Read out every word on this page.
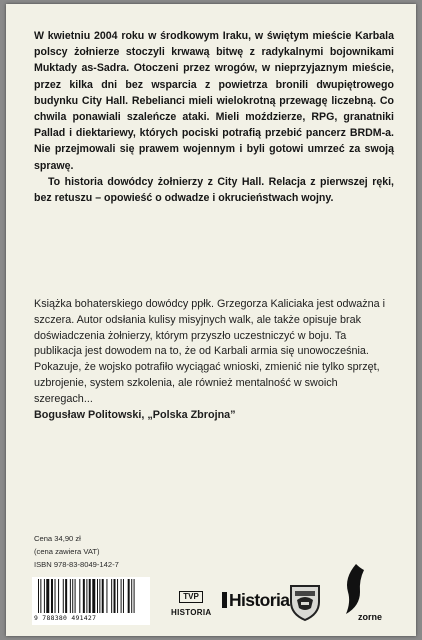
W kwietniu 2004 roku w środkowym Iraku, w świętym mieście Karbala polscy żołnierze stoczyli krwawą bitwę z radykalnymi bojownikami Muktady as-Sadra. Otoczeni przez wrogów, w nieprzyjaznym mieście, przez kilka dni bez wsparcia z powietrza bronili dwupiętrowego budynku City Hall. Rebelianci mieli wielokrotną przewagę liczebną. Co chwila ponawiali szaleńcze ataki. Mieli moździerze, RPG, granatniki Pallad i diektariewy, których pociski potrafią przebić pancerz BRDM-a. Nie przejmowali się prawem wojennym i byli gotowi umrzeć za swoją sprawę.

To historia dowódcy żołnierzy z City Hall. Relacja z pierwszej ręki, bez retuszu – opowieść o odwadze i okrucieństwach wojny.

Książka bohaterskiego dowódcy ppłk. Grzegorza Kaliciaka jest odważna i szczera. Autor odsłania kulisy misyjnych walk, ale także opisuje brak doświadczenia żołnierzy, którym przyszło uczestniczyć w boju. Ta publikacja jest dowodem na to, że od Karbali armia się unowocześnia. Pokazuje, że wojsko potrafiło wyciągać wnioski, zmienić nie tylko sprzęt, uzbrojenie, system szkolenia, ale również mentalność w swoich szeregach...

Bogusław Politowski, „Polska Zbrojna”

Cena 34,90 zł
(cena zawiera VAT)
ISBN 978-83-8049-142-7
9 788380 491427
TVP
HISTORIA
Historia
zorne
